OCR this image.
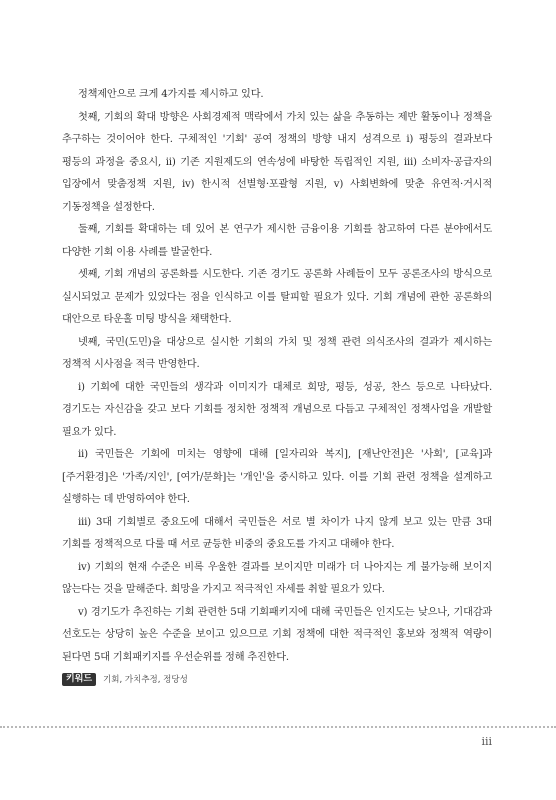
정책제안으로 크게 4가지를 제시하고 있다.

첫째, 기회의 확대 방향은 사회경제적 맥락에서 가치 있는 삶을 추동하는 제반 활동이나 정책을 추구하는 것이어야 한다. 구체적인 '기회' 공여 정책의 방향 내지 성격으로 i) 평등의 결과보다 평등의 과정을 중요시, ii) 기존 지원제도의 연속성에 바탕한 독립적인 지원, iii) 소비자·공급자의 입장에서 맞춤정책 지원, iv) 한시적 선별형·포괄형 지원, v) 사회변화에 맞춘 유연적·거시적 기동정책을 설정한다.

둘째, 기회를 확대하는 데 있어 본 연구가 제시한 금융이용 기회를 참고하여 다른 분야에서도 다양한 기회 이용 사례를 발굴한다.

셋째, 기회 개념의 공론화를 시도한다. 기존 경기도 공론화 사례들이 모두 공론조사의 방식으로 실시되었고 문제가 있었다는 점을 인식하고 이를 탈피할 필요가 있다. 기회 개념에 관한 공론화의 대안으로 타운홀 미팅 방식을 채택한다.

넷째, 국민(도민)을 대상으로 실시한 기회의 가치 및 정책 관련 의식조사의 결과가 제시하는 정책적 시사점을 적극 반영한다.

i) 기회에 대한 국민들의 생각과 이미지가 대체로 희망, 평등, 성공, 찬스 등으로 나타났다. 경기도는 자신감을 갖고 보다 기회를 정치한 정책적 개념으로 다듬고 구체적인 정책사업을 개발할 필요가 있다.

ii) 국민들은 기회에 미치는 영향에 대해 [일자리와 복지], [재난안전]은 '사회', [교육]과 [주거환경]은 '가족/지인', [여가/문화]는 '개인'을 중시하고 있다. 이를 기회 관련 정책을 설계하고 실행하는 데 반영하여야 한다.

iii) 3대 기회별로 중요도에 대해서 국민들은 서로 별 차이가 나지 않게 보고 있는 만큼 3대 기회를 정책적으로 다룰 때 서로 균등한 비중의 중요도를 가지고 대해야 한다.

iv) 기회의 현재 수준은 비록 우울한 결과를 보이지만 미래가 더 나아지는 게 불가능해 보이지 않는다는 것을 말해준다. 희망을 가지고 적극적인 자세를 취할 필요가 있다.

v) 경기도가 추진하는 기회 관련한 5대 기회패키지에 대해 국민들은 인지도는 낮으나, 기대감과 선호도는 상당히 높은 수준을 보이고 있으므로 기회 정책에 대한 적극적인 홍보와 정책적 역량이 된다면 5대 기회패키지를 우선순위를 정해 추진한다.

키워드	기회, 가치추정, 정당성
iii
